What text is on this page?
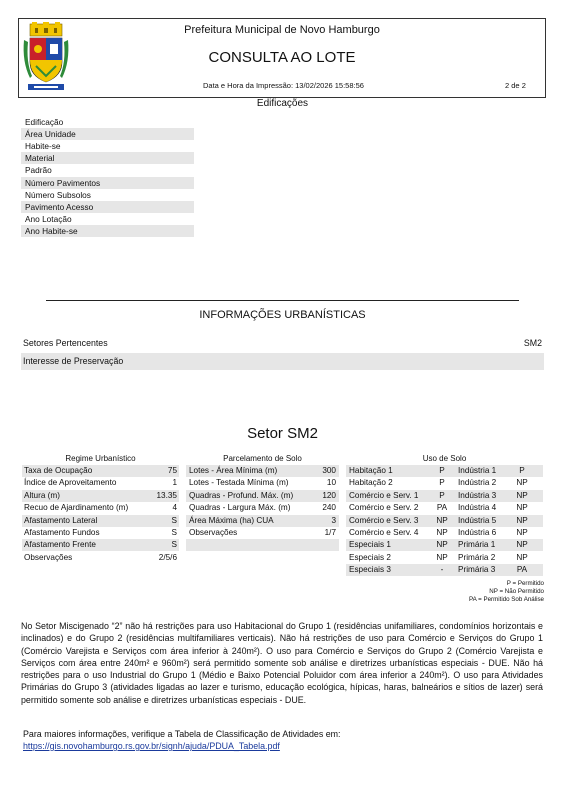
Prefeitura Municipal de Novo Hamburgo
CONSULTA AO LOTE
Data e Hora da Impressão: 13/02/2026 15:58:56	2 de 2
Edificações
Edificação
Área Unidade
Habite-se
Material
Padrão
Número Pavimentos
Número Subsolos
Pavimento Acesso
Ano Lotação
Ano Habite-se
INFORMAÇÕES URBANÍSTICAS
Setores Pertencentes	SM2
Interesse de Preservação
Setor SM2
Regime Urbanístico	Parcelamento de Solo	Uso de Solo
Taxa de Ocupação	75
Índice de Aproveitamento	1
Altura (m)	13.35
Recuo de Ajardinamento (m)	4
Afastamento Lateral	S
Afastamento Fundos	S
Afastamento Frente	S
Observações	2/5/6
Lotes - Área Mínima (m)	300
Lotes - Testada Mínima (m)	10
Quadras - Profund. Máx. (m)	120
Quadras - Largura Máx. (m)	240
Área Máxima (ha) CUA	3
Observações	1/7
Habitação 1	P	Indústria 1	P
Habitação 2	P	Indústria 2	NP
Comércio e Serv. 1	P	Indústria 3	NP
Comércio e Serv. 2	PA	Indústria 4	NP
Comércio e Serv. 3	NP	Indústria 5	NP
Comércio e Serv. 4	NP	Indústria 6	NP
Especiais 1	NP	Primária 1	NP
Especiais 2	NP	Primária 2	NP
Especiais 3	-	Primária 3	PA
P = Permitido
NP = Não Permitido
PA = Permitido Sob Análise
No Setor Miscigenado “2” não há restrições para uso Habitacional do Grupo 1 (residências unifamiliares, condomínios horizontais e inclinados) e do Grupo 2 (residências multifamiliares verticais). Não há restrições de uso para Comércio e Serviços do Grupo 1 (Comércio Varejista e Serviços com área inferior à 240m²). O uso para Comércio e Serviços do Grupo 2 (Comércio Varejista e Serviços com área entre 240m² e 960m²) será permitido somente sob análise e diretrizes urbanísticas especiais - DUE. Não há restrições para o uso Industrial do Grupo 1 (Médio e Baixo Potencial Poluidor com área inferior a 240m²). O uso para Atividades Primárias do Grupo 3 (atividades ligadas ao lazer e turismo, educação ecológica, hípicas, haras, balneários e sítios de lazer) será permitido somente sob análise e diretrizes urbanísticas especiais - DUE.
Para maiores informações, verifique a Tabela de Classificação de Atividades em:
https://gis.novohamburgo.rs.gov.br/signh/ajuda/PDUA_Tabela.pdf
